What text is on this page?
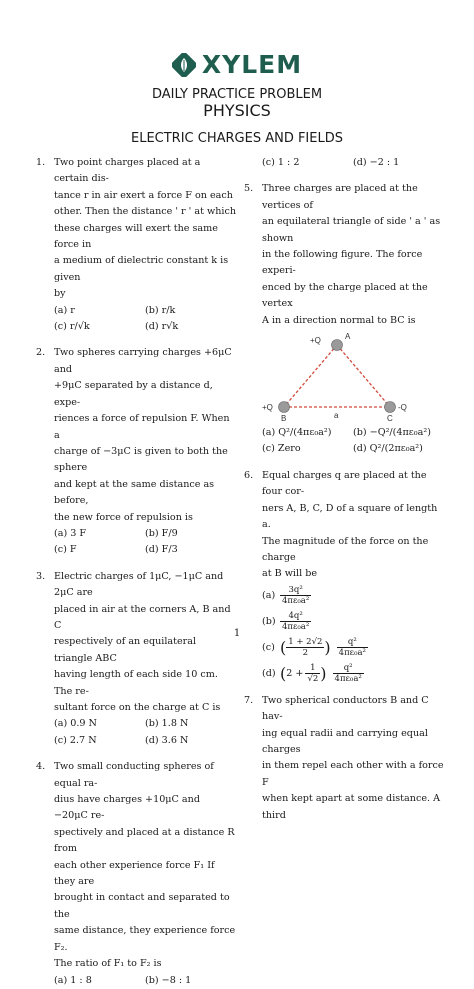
XYLEM
DAILY PRACTICE PROBLEM
PHYSICS
ELECTRIC CHARGES AND FIELDS
1. Two point charges placed at a certain dis-
tance r in air exert a force F on each
other. Then the distance ' r ' at which
these charges will exert the same force in
a medium of dielectric constant k is given
by
(a) r	(b) r/k
(c) r/√k	(d) r√k
2. Two spheres carrying charges +6μC and
+9μC separated by a distance d, expe-
riences a force of repulsion F. When a
charge of −3μC is given to both the sphere
and kept at the same distance as before,
the new force of repulsion is
(a) 3 F	(b) F/9
(c) F	(d) F/3
3. Electric charges of 1μC, −1μC and 2μC are
placed in air at the corners A, B and C
respectively of an equilateral triangle ABC
having length of each side 10 cm. The re-
sultant force on the charge at C is
(a) 0.9 N	(b) 1.8 N
(c) 2.7 N	(d) 3.6 N
4. Two small conducting spheres of equal ra-
dius have charges +10μC and −20μC re-
spectively and placed at a distance R from
each other experience force F₁ If they are
brought in contact and separated to the
same distance, they experience force F₂.
The ratio of F₁ to F₂ is
(a) 1 : 8	(b) −8 : 1
(c) 1 : 2	(d) −2 : 1
5. Three charges are placed at the vertices of
an equilateral triangle of side ' a ' as shown
in the following figure. The force experi-
enced by the charge placed at the vertex
A in a direction normal to BC is
+Q	A
+Q
B
-Q
C
a
(a) Q²/(4πε₀a²)	(b) −Q²/(4πε₀a²)
(c) Zero	(d) Q²/(2πε₀a²)
6. Equal charges q are placed at the four cor-
ners A, B, C, D of a square of length a.
The magnitude of the force on the charge
at B will be
$(a) \frac{\text{3q²}}{\text{4πε₀a²}}$
$(b) \frac{\text{4q²}}{\text{4πε₀a²}}$
(c) ( $\frac{1 + 2√2}{2}$ ) $\frac{\text{q²}}{\text{4πε₀a²}}$
(d) ( $2 + \frac{1}{√2}$ ) $\frac{\text{q²}}{\text{4πε₀a²}}$
7. Two spherical conductors B and C hav-
ing equal radii and carrying equal charges
in them repel each other with a force F
when kept apart at some distance. A third
1
